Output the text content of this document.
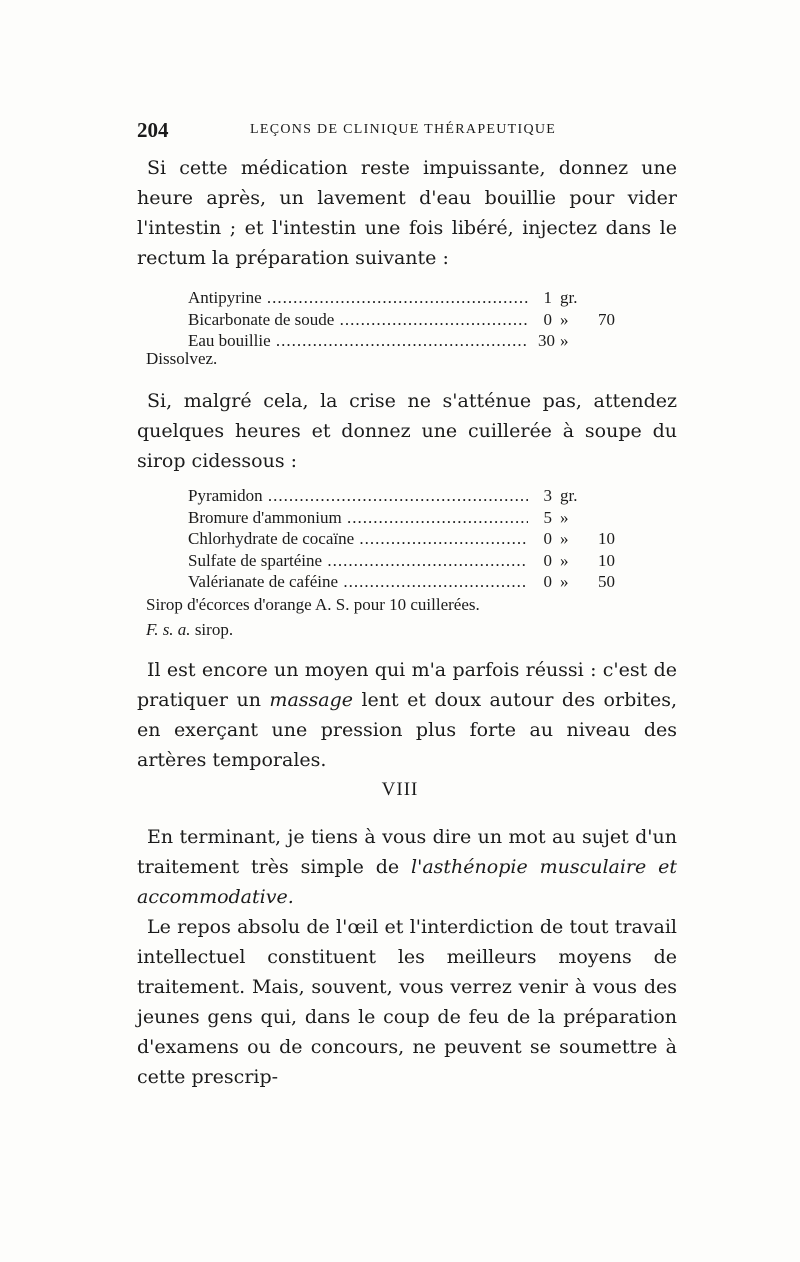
204	LEÇONS DE CLINIQUE THÉRAPEUTIQUE

Si cette médication reste impuissante, donnez une heure après, un lavement d'eau bouillie pour vider l'intestin ; et l'intestin une fois libéré, injectez dans le rectum la préparation suivante :

Antipyrine .....	1 gr.
Bicarbonate de soude .....	0 » 70
Eau bouillie .....	30 »
Dissolvez.

Si, malgré cela, la crise ne s'atténue pas, attendez quelques heures et donnez une cuillerée à soupe du sirop cidessous :

Pyramidon .....	3 gr.
Bromure d'ammonium .....	5 »
Chlorhydrate de cocaïne .....	0 » 10
Sulfate de spartéine .....	0 » 10
Valérianate de caféine .....	0 » 50
Sirop d'écorces d'orange A. S. pour 10 cuillerées.
F. s. a. sirop.

Il est encore un moyen qui m'a parfois réussi : c'est de pratiquer un massage lent et doux autour des orbites, en exerçant une pression plus forte au niveau des artères temporales.

VIII

En terminant, je tiens à vous dire un mot au sujet d'un traitement très simple de l'asthénopie musculaire et accommodative.

Le repos absolu de l'œil et l'interdiction de tout travail intellectuel constituent les meilleurs moyens de traitement. Mais, souvent, vous verrez venir à vous des jeunes gens qui, dans le coup de feu de la préparation d'examens ou de concours, ne peuvent se soumettre à cette prescrip-
